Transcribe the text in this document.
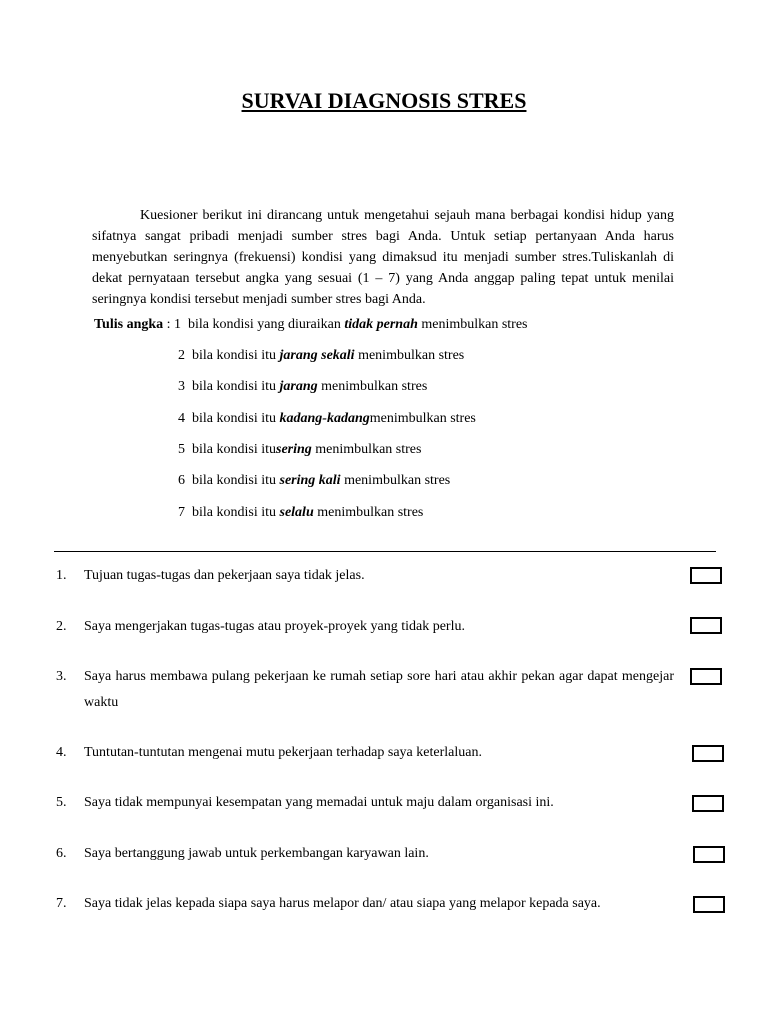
SURVAI DIAGNOSIS STRES
Kuesioner berikut ini dirancang untuk mengetahui sejauh mana berbagai kondisi hidup yang sifatnya sangat pribadi menjadi sumber stres bagi Anda. Untuk setiap pertanyaan Anda harus menyebutkan seringnya (frekuensi) kondisi yang dimaksud itu menjadi sumber stres.Tuliskanlah di dekat pernyataan tersebut angka yang sesuai (1 – 7) yang Anda anggap paling tepat untuk menilai seringnya kondisi tersebut menjadi sumber stres bagi Anda.
Tulis angka : 1 bila kondisi yang diuraikan tidak pernah menimbulkan stres
2 bila kondisi itu jarang sekali menimbulkan stres
3 bila kondisi itu jarang menimbulkan stres
4 bila kondisi itu kadang-kadangmenimbulkan stres
5 bila kondisi itusering menimbulkan stres
6 bila kondisi itu sering kali menimbulkan stres
7 bila kondisi itu selalu menimbulkan stres
1. Tujuan tugas-tugas dan pekerjaan saya tidak jelas.
2. Saya mengerjakan tugas-tugas atau proyek-proyek yang tidak perlu.
3. Saya harus membawa pulang pekerjaan ke rumah setiap sore hari atau akhir pekan agar dapat mengejar waktu
4. Tuntutan-tuntutan mengenai mutu pekerjaan terhadap saya keterlaluan.
5. Saya tidak mempunyai kesempatan yang memadai untuk maju dalam organisasi ini.
6. Saya bertanggung jawab untuk perkembangan karyawan lain.
7. Saya tidak jelas kepada siapa saya harus melapor dan/ atau siapa yang melapor kepada saya.
